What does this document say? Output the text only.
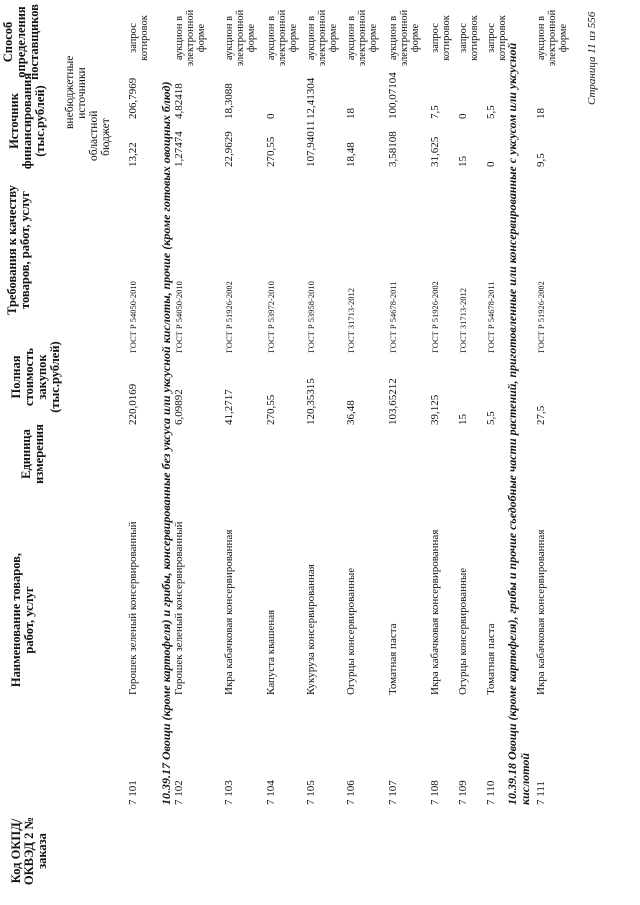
Код ОКПД/ ОКВЭД 2 № заказа
Наименование товаров, работ, услуг
Единица измерения
Полная стоимость закупок (тыс.рублей)
Требования к качеству товаров, работ, услуг
Источник финансирования (тыс.рублей)	областной бюджет
внебюджетные источники
Способ определения поставщиков
7 101
Горошек зеленый консервированный
220,0169
ГОСТ Р 54050-2010
13,22
206,7969
запрос котировок
10.39.17 Овощи (кроме картофеля) и грибы, консервированные без уксуса или уксусной кислоты, прочие (кроме готовых овощных блюд) 7 102
Горошек зеленый консервированный
6,09892
ГОСТ Р 54050-2010
1,27474
4,82418
аукцион в электронной форме
7 103
Икра кабачковая консервированная
41,2717
ГОСТ Р 51926-2002
22,9629
18,3088
аукцион в электронной форме
7 104
Капуста квашеная
270,55
ГОСТ Р 53972-2010
270,55
0
аукцион в электронной форме
7 105
Кукуруза консервированная
120,35315
ГОСТ Р 53958-2010
107,94011
12,41304
аукцион в электронной форме
7 106
Огурцы консервированные
36,48
ГОСТ 31713-2012
18,48
18
аукцион в электронной форме
7 107
Томатная паста
103,65212
ГОСТ Р 54678-2011
3,58108
100,07104
аукцион в электронной форме
7 108
Икра кабачковая консервированная
39,125
ГОСТ Р 51926-2002
31,625
7,5
запрос котировок
7 109
Огурцы консервированные
15
ГОСТ 31713-2012
15
0
запрос котировок
7 110
Томатная паста
5,5
ГОСТ Р 54678-2011
0
5,5
запрос котировок
10.39.18 Овощи (кроме картофеля), грибы и прочие съедобные части растений, приготовленные или консервированные с уксусом или уксусной кислотой 7 111
Икра кабачковая консервированная
27,5
ГОСТ Р 51926-2002
9,5
18
аукцион в электронной форме Страница 11 из 556
